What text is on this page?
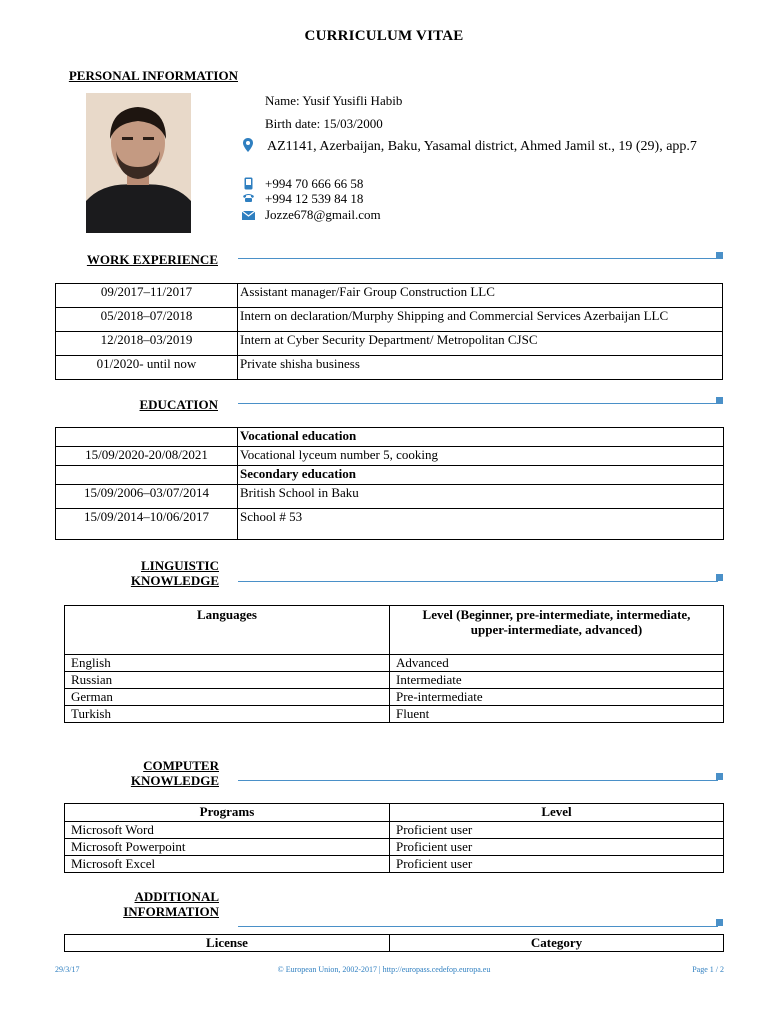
CURRICULUM VITAE
PERSONAL INFORMATION
Name: Yusif Yusifli Habib
Birth date: 15/03/2000
AZ1141, Azerbaijan, Baku, Yasamal district, Ahmed Jamil st., 19 (29), app.7
+994 70 666 66 58
+994 12 539 84 18
Jozze678@gmail.com
WORK EXPERIENCE
09/2017–11/2017	Assistant manager/Fair Group Construction LLC
05/2018–07/2018	Intern on declaration/Murphy Shipping and Commercial Services Azerbaijan LLC
12/2018–03/2019	Intern at Cyber Security Department/ Metropolitan CJSC
01/2020- until now	Private shisha business
EDUCATION
	Vocational education
15/09/2020-20/08/2021	Vocational lyceum number 5, cooking
	Secondary education
15/09/2006–03/07/2014	British School in Baku
15/09/2014–10/06/2017	School # 53
LINGUISTIC
KNOWLEDGE
Languages	Level (Beginner, pre-intermediate, intermediate, upper-intermediate, advanced)
English	Advanced
Russian	Intermediate
German	Pre-intermediate
Turkish	Fluent
COMPUTER
KNOWLEDGE
Programs	Level
Microsoft Word	Proficient user
Microsoft Powerpoint	Proficient user
Microsoft Excel	Proficient user
ADDITIONAL
INFORMATION
License	Category
29/3/17	© European Union, 2002-2017 | http://europass.cedefop.europa.eu	Page 1 / 2
